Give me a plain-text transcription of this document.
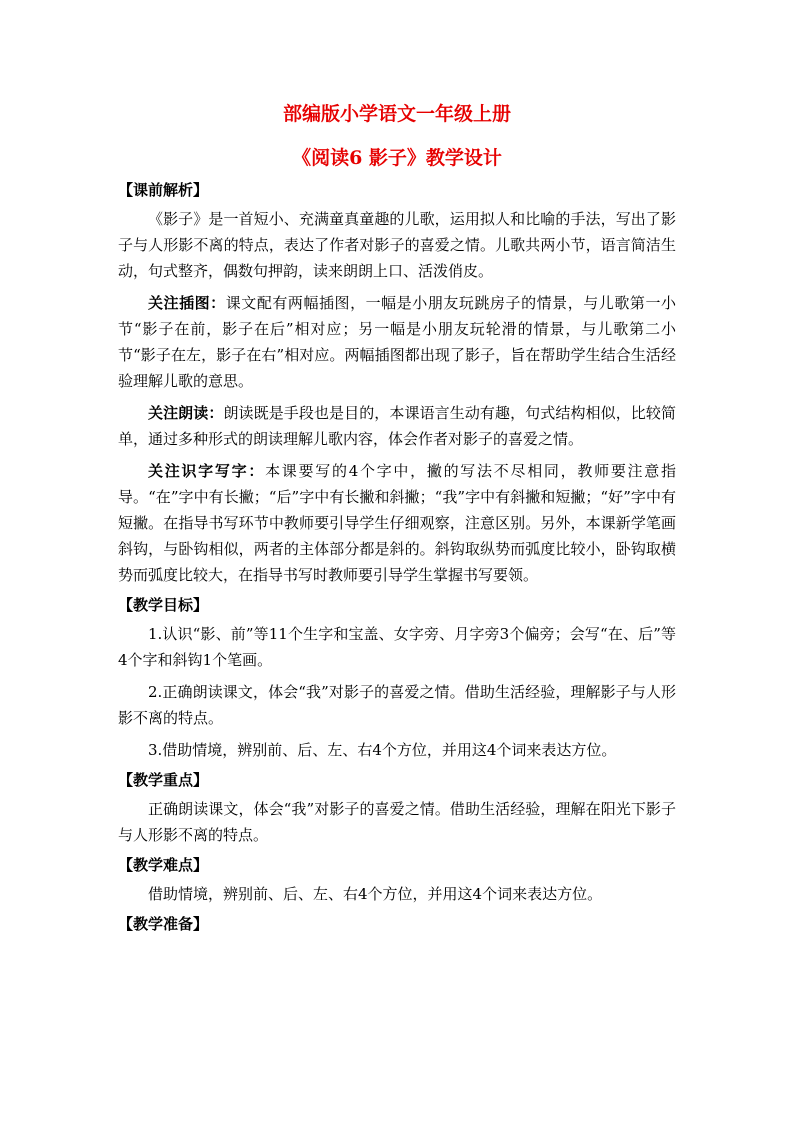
部编版小学语文一年级上册
《阅读6 影子》教学设计
【课前解析】

《影子》是一首短小、充满童真童趣的儿歌，运用拟人和比喻的手法，写出了影子与人形影不离的特点，表达了作者对影子的喜爱之情。儿歌共两小节，语言简洁生动，句式整齐，偶数句押韵，读来朗朗上口、活泼俏皮。

关注插图：课文配有两幅插图，一幅是小朋友玩跳房子的情景，与儿歌第一小节“影子在前，影子在后”相对应；另一幅是小朋友玩轮滑的情景，与儿歌第二小节“影子在左，影子在右”相对应。两幅插图都出现了影子，旨在帮助学生结合生活经验理解儿歌的意思。

关注朗读：朗读既是手段也是目的，本课语言生动有趣，句式结构相似，比较简单，通过多种形式的朗读理解儿歌内容，体会作者对影子的喜爱之情。

关注识字写字：本课要写的4个字中，撇的写法不尽相同，教师要注意指导。“在”字中有长撇；“后”字中有长撇和斜撇；“我”字中有斜撇和短撇；“好”字中有短撇。在指导书写环节中教师要引导学生仔细观察，注意区别。另外，本课新学笔画斜钩，与卧钩相似，两者的主体部分都是斜的。斜钩取纵势而弧度比较小，卧钩取横势而弧度比较大，在指导书写时教师要引导学生掌握书写要领。

【教学目标】

1.认识“影、前”等11个生字和宝盖、女字旁、月字旁3个偏旁；会写“在、后”等4个字和斜钩1个笔画。

2.正确朗读课文，体会“我”对影子的喜爱之情。借助生活经验，理解影子与人形影不离的特点。

3.借助情境，辨别前、后、左、右4个方位，并用这4个词来表达方位。

【教学重点】

正确朗读课文，体会“我”对影子的喜爱之情。借助生活经验，理解在阳光下影子与人形影不离的特点。

【教学难点】

借助情境，辨别前、后、左、右4个方位，并用这4个词来表达方位。

【教学准备】
